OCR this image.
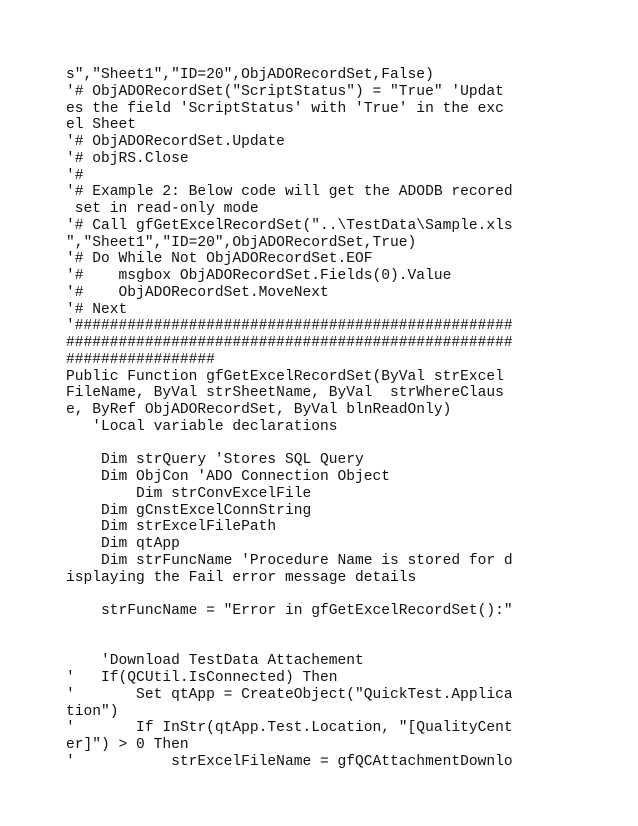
s","Sheet1","ID=20",ObjADORecordSet,False)
'# ObjADORecordSet("ScriptStatus") = "True" 'Updat
es the field 'ScriptStatus' with 'True' in the exc
el Sheet
'# ObjADORecordSet.Update
'# objRS.Close
'#
'# Example 2: Below code will get the ADODB recored
set in read-only mode
'# Call gfGetExcelRecordSet("..\TestData\Sample.xls
","Sheet1","ID=20",ObjADORecordSet,True)
'# Do While Not ObjADORecordSet.EOF
'#    msgbox ObjADORecordSet.Fields(0).Value
'#    ObjADORecordSet.MoveNext
'# Next
'##################################################
###################################################
#################
Public Function gfGetExcelRecordSet(ByVal strExcel
FileName, ByVal strSheetName, ByVal  strWhereClaus
e, ByRef ObjADORecordSet, ByVal blnReadOnly)
'Local variable declarations
Dim strQuery 'Stores SQL Query
Dim ObjCon 'ADO Connection Object
Dim strConvExcelFile
Dim gCnstExcelConnString
Dim strExcelFilePath
Dim qtApp
Dim strFuncName 'Procedure Name is stored for d
isplaying the Fail error message details
strFuncName = "Error in gfGetExcelRecordSet():"
'Download TestData Attachement
'   If(QCUtil.IsConnected) Then
'       Set qtApp = CreateObject("QuickTest.Applica
tion")
'       If InStr(qtApp.Test.Location, "[QualityCent
er]") > 0 Then
'           strExcelFileName = gfQCAttachmentDownlo
